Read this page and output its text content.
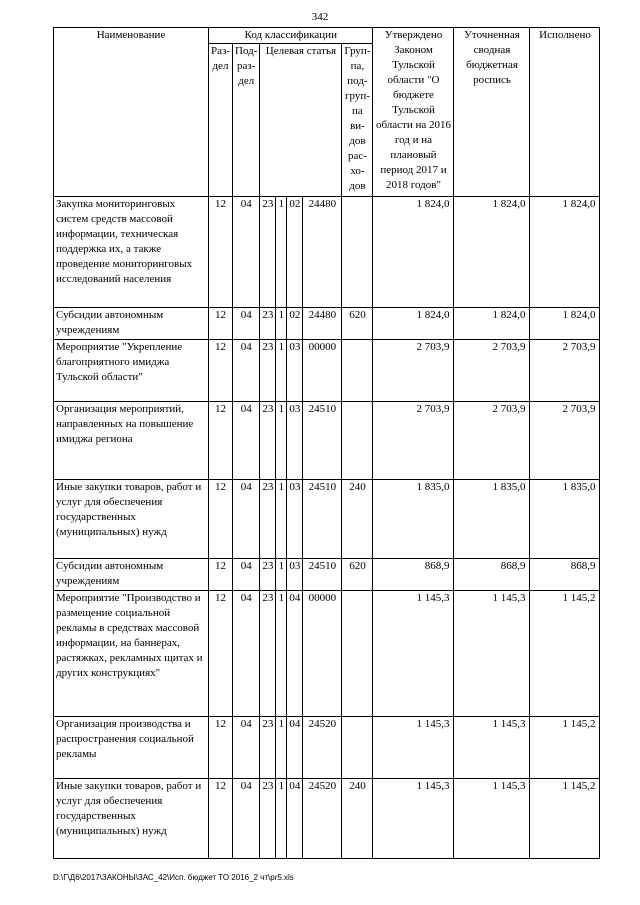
342
Наименование	Код классификации							Утверждено Законом Тульской области "О бюджете Тульской области на 2016 год и на плановый период 2017 и 2018 годов"	Уточненная сводная бюджетная роспись	Исполнено
	Раз-дел	Под-раз-дел	Целевая статья				Груп-па, под-груп-па ви-дов рас-хо-дов			
Закупка мониторинговых систем средств массовой информации, техническая поддержка их, а также проведение мониторинговых исследований населения	12	04	23	1	02	24480		1 824,0	1 824,0	1 824,0
Субсидии автономным учреждениям	12	04	23	1	02	24480	620	1 824,0	1 824,0	1 824,0
Мероприятие "Укрепление благоприятного имиджа Тульской области"	12	04	23	1	03	00000		2 703,9	2 703,9	2 703,9
Организация мероприятий, направленных на повышение имиджа региона	12	04	23	1	03	24510		2 703,9	2 703,9	2 703,9
Иные закупки товаров, работ и услуг для обеспечения государственных (муниципальных) нужд	12	04	23	1	03	24510	240	1 835,0	1 835,0	1 835,0
Субсидии автономным учреждениям	12	04	23	1	03	24510	620	868,9	868,9	868,9
Мероприятие "Производство и размещение социальной рекламы в средствах массовой информации, на баннерах, растяжках, рекламных щитах и других конструкциях"	12	04	23	1	04	00000		1 145,3	1 145,3	1 145,2
Организация производства и распространения социальной рекламы	12	04	23	1	04	24520		1 145,3	1 145,3	1 145,2
Иные закупки товаров, работ и услуг для обеспечения государственных (муниципальных) нужд	12	04	23	1	04	24520	240	1 145,3	1 145,3	1 145,2
D:\Г\Д6\2017\ЗАКОНЫ\ЗАС_42\Исп. бюджет ТО 2016_2 чт\pr5.xls
